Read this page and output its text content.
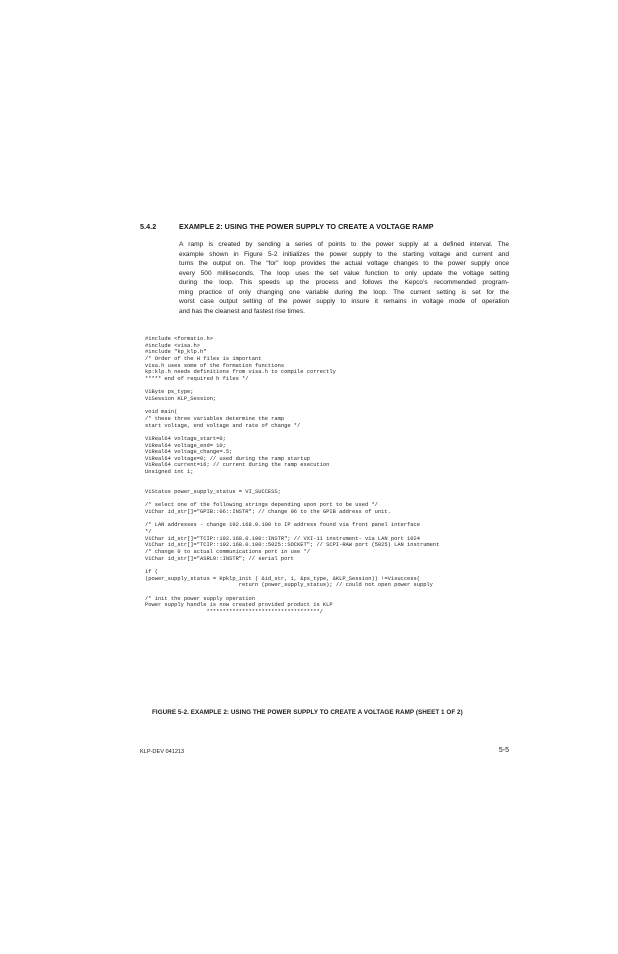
5.4.2	EXAMPLE 2: USING THE POWER SUPPLY TO CREATE A VOLTAGE RAMP

A ramp is created by sending a series of points to the power supply at a defined interval. The
example shown in Figure 5-2 initializes the power supply to the starting voltage and current and
turns the output on. The “for” loop provides the actual voltage changes to the power supply once
every 500 milliseconds. The loop uses the set value function to only update the voltage setting
during the loop. This speeds up the process and follows the Kepco’s recommended program-
ming practice of only changing one variable during the loop. The current setting is set for the
worst case output setting of the power supply to insure it remains in voltage mode of operation
and has the cleanest and fastest rise times.

#include <formatio.h>
#include <visa.h>
#include "kp_klp.h"
/* Order of the H files is important
visa.h uses some of the formation functions
kp:klp.h needs definitions from visa.h to compile correctly
***** end of required h files */

ViByte ps_type;
ViSession KLP_Session;

void main(
/* these three variables determine the ramp
start voltage, end voltage and rate of change */

ViReal64 voltage_start=0;
ViReal64 voltage_end= 10;
ViReal64 voltage_change=.5;
ViReal64 voltage=0; // used during the ramp startup
ViReal64 current=16; // current during the ramp execution
Unsigned int i;

ViStatus power_supply_status = VI_SUCCESS;

/* select one of the following strings depending upon port to be used */
ViChar id_str[]="GPIB::06::INSTR"; // change 06 to the GPIB address of unit.

/* LAN addresses - change 192.168.0.100 to IP address found via front panel interface
*/
ViChar id_str[]="TCIP::192.168.0.100::INSTR"; // VXI-11 instrument- via LAN port 1024
ViChar id_str[]="TCIP::192.168.0.100::5025::SOCKET"; // SCPI-RAW port (5025) LAN instrument
/* change 0 to actual communications port in use */
ViChar id_str[]="ASRL0::INSTR"; // serial port

if (
(power_supply_status = Kpklp_init ( &id_str, 1, &ps_type, &KLP_Session)) !=Visuccess(
return (power_supply_status); // could not open power supply

/* init the power supply operation
Power supply handle is now created provided product is KLP
***********************************/
FIGURE 5-2. EXAMPLE 2: USING THE POWER SUPPLY TO CREATE A VOLTAGE RAMP (SHEET 1 OF 2)
KLP-DEV 041213	5-5
